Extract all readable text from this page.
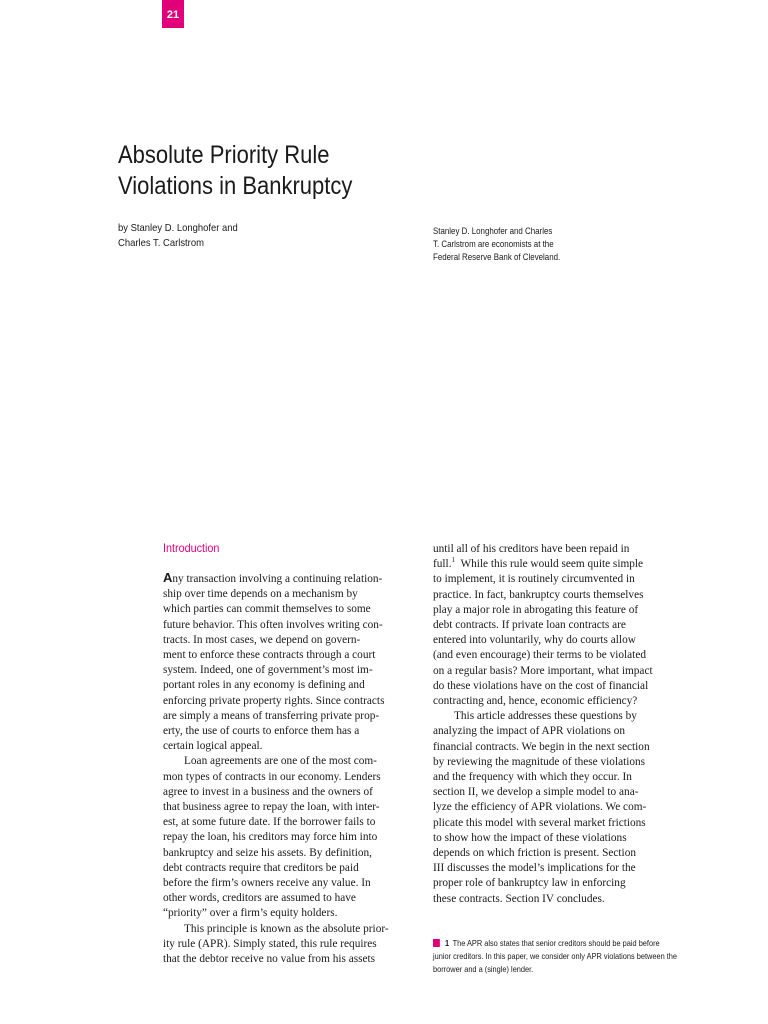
21
Absolute Priority Rule
Violations in Bankruptcy
by Stanley D. Longhofer and
Charles T. Carlstrom
Stanley D. Longhofer and Charles
T. Carlstrom are economists at the
Federal Reserve Bank of Cleveland.
Introduction
Any transaction involving a continuing relation-
ship over time depends on a mechanism by
which parties can commit themselves to some
future behavior. This often involves writing con-
tracts. In most cases, we depend on govern-
ment to enforce these contracts through a court
system. Indeed, one of government’s most im-
portant roles in any economy is defining and
enforcing private property rights. Since contracts
are simply a means of transferring private prop-
erty, the use of courts to enforce them has a
certain logical appeal.
Loan agreements are one of the most com-
mon types of contracts in our economy. Lenders
agree to invest in a business and the owners of
that business agree to repay the loan, with inter-
est, at some future date. If the borrower fails to
repay the loan, his creditors may force him into
bankruptcy and seize his assets. By definition,
debt contracts require that creditors be paid
before the firm’s owners receive any value. In
other words, creditors are assumed to have
“priority” over a firm’s equity holders.
This principle is known as the absolute prior-
ity rule (APR). Simply stated, this rule requires
that the debtor receive no value from his assets
until all of his creditors have been repaid in
full.$^1$  While this rule would seem quite simple
to implement, it is routinely circumvented in
practice. In fact, bankruptcy courts themselves
play a major role in abrogating this feature of
debt contracts. If private loan contracts are
entered into voluntarily, why do courts allow
(and even encourage) their terms to be violated
on a regular basis? More important, what impact
do these violations have on the cost of financial
contracting and, hence, economic efficiency?
This article addresses these questions by
analyzing the impact of APR violations on
financial contracts. We begin in the next section
by reviewing the magnitude of these violations
and the frequency with which they occur. In
section II, we develop a simple model to ana-
lyze the efficiency of APR violations. We com-
plicate this model with several market frictions
to show how the impact of these violations
depends on which friction is present. Section
III discusses the model’s implications for the
proper role of bankruptcy law in enforcing
these contracts. Section IV concludes.
1 The APR also states that senior creditors should be paid before
junior creditors. In this paper, we consider only APR violations between the
borrower and a (single) lender.
